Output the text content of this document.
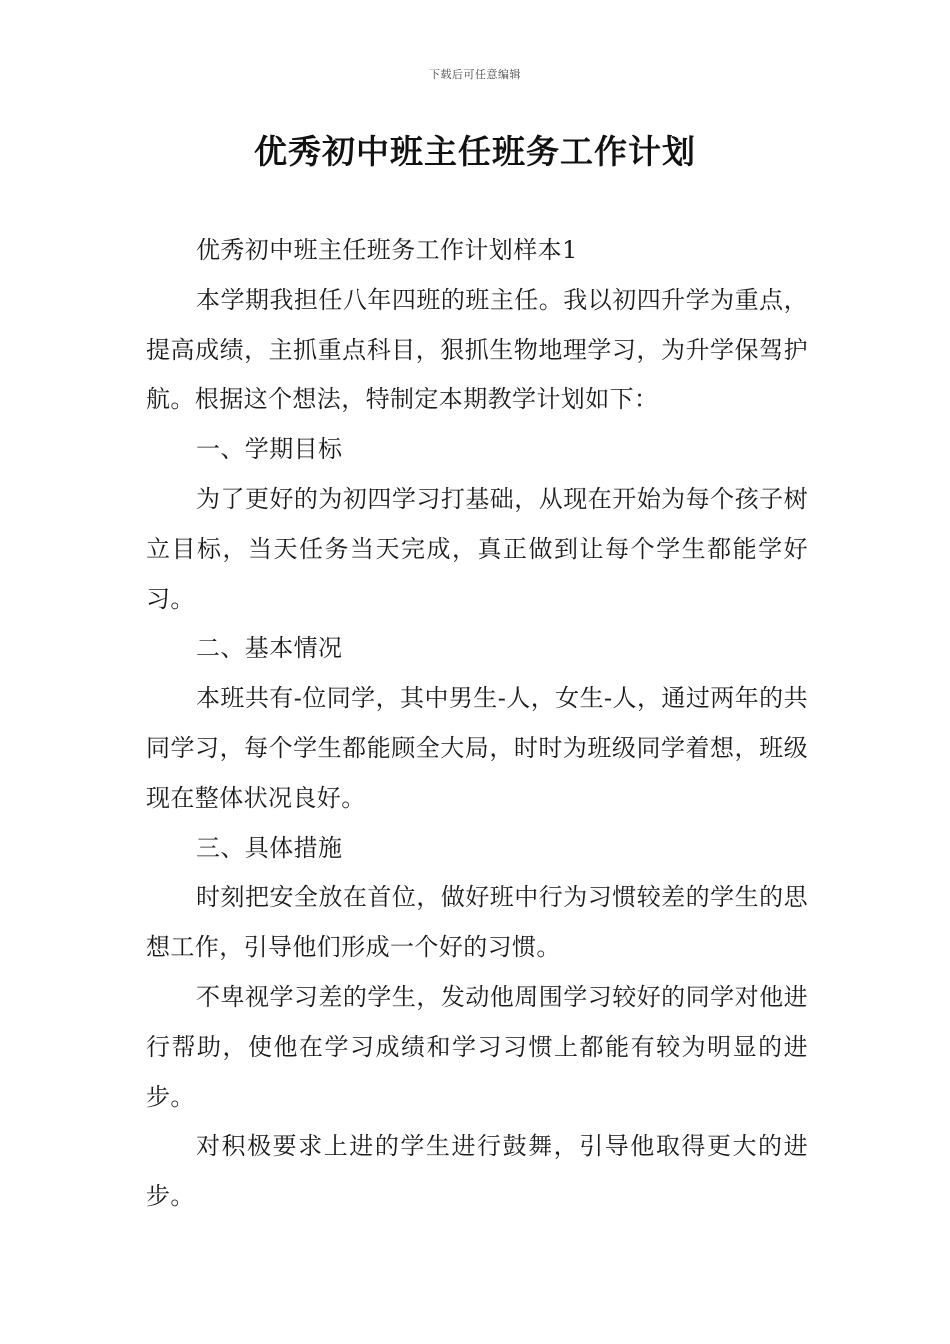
下载后可任意编辑
优秀初中班主任班务工作计划

优秀初中班主任班务工作计划样本1

本学期我担任八年四班的班主任。我以初四升学为重点，提高成绩，主抓重点科目，狠抓生物地理学习，为升学保驾护航。根据这个想法，特制定本期教学计划如下：

一、学期目标

为了更好的为初四学习打基础，从现在开始为每个孩子树立目标，当天任务当天完成，真正做到让每个学生都能学好习。

二、基本情况

本班共有-位同学，其中男生-人，女生-人，通过两年的共同学习，每个学生都能顾全大局，时时为班级同学着想，班级现在整体状况良好。

三、具体措施

时刻把安全放在首位，做好班中行为习惯较差的学生的思想工作，引导他们形成一个好的习惯。

不卑视学习差的学生，发动他周围学习较好的同学对他进行帮助，使他在学习成绩和学习习惯上都能有较为明显的进步。

对积极要求上进的学生进行鼓舞，引导他取得更大的进步。
